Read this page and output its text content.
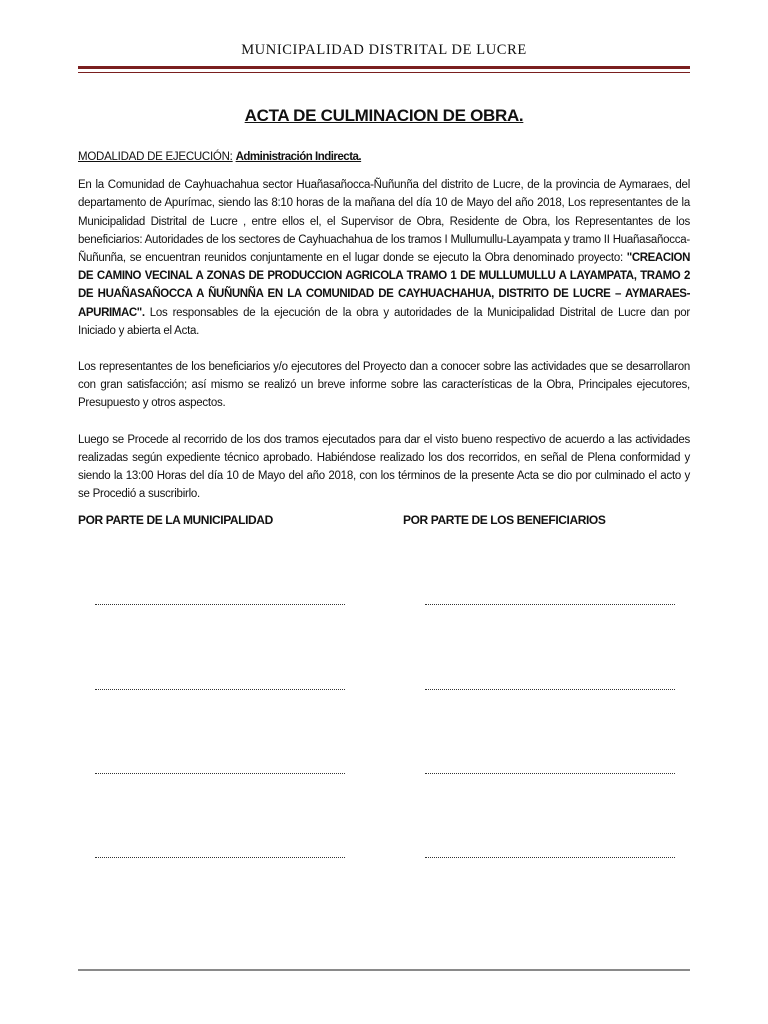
MUNICIPALIDAD DISTRITAL DE LUCRE
ACTA DE CULMINACION DE OBRA.
MODALIDAD DE EJECUCIÓN: Administración Indirecta.

En la Comunidad de Cayhuachahua sector Huañasañocca-Ñuñunña del distrito de Lucre, de la provincia de Aymaraes, del departamento de Apurímac, siendo las 8:10 horas de la mañana del día 10 de Mayo del año 2018, Los representantes de la Municipalidad Distrital de Lucre , entre ellos el, el Supervisor de Obra, Residente de Obra, los Representantes de los beneficiarios: Autoridades de los sectores de Cayhuachahua de los tramos I Mullumullu-Layampata y tramo II Huañasañocca-Ñuñunña, se encuentran reunidos conjuntamente en el lugar donde se ejecuto la Obra denominado proyecto: "CREACION DE CAMINO VECINAL A ZONAS DE PRODUCCION AGRICOLA TRAMO 1 DE MULLUMULLU A LAYAMPATA, TRAMO 2 DE HUAÑASAÑOCCA A ÑUÑUNÑA EN LA COMUNIDAD DE CAYHUACHAHUA, DISTRITO DE LUCRE – AYMARAES-APURIMAC". Los responsables de la ejecución de la obra y autoridades de la Municipalidad Distrital de Lucre dan por Iniciado y abierta el Acta.

Los representantes de los beneficiarios y/o ejecutores del Proyecto dan a conocer sobre las actividades que se desarrollaron con gran satisfacción; así mismo se realizó un breve informe sobre las características de la Obra, Principales ejecutores, Presupuesto y otros aspectos.

Luego se Procede al recorrido de los dos tramos ejecutados para dar el visto bueno respectivo de acuerdo a las actividades realizadas según expediente técnico aprobado. Habiéndose realizado los dos recorridos, en señal de Plena conformidad y siendo la 13:00 Horas del día 10 de Mayo del año 2018, con los términos de la presente Acta se dio por culminado el acto y se Procedió a suscribirlo.

POR PARTE DE LA MUNICIPALIDAD	POR PARTE DE LOS BENEFICIARIOS
